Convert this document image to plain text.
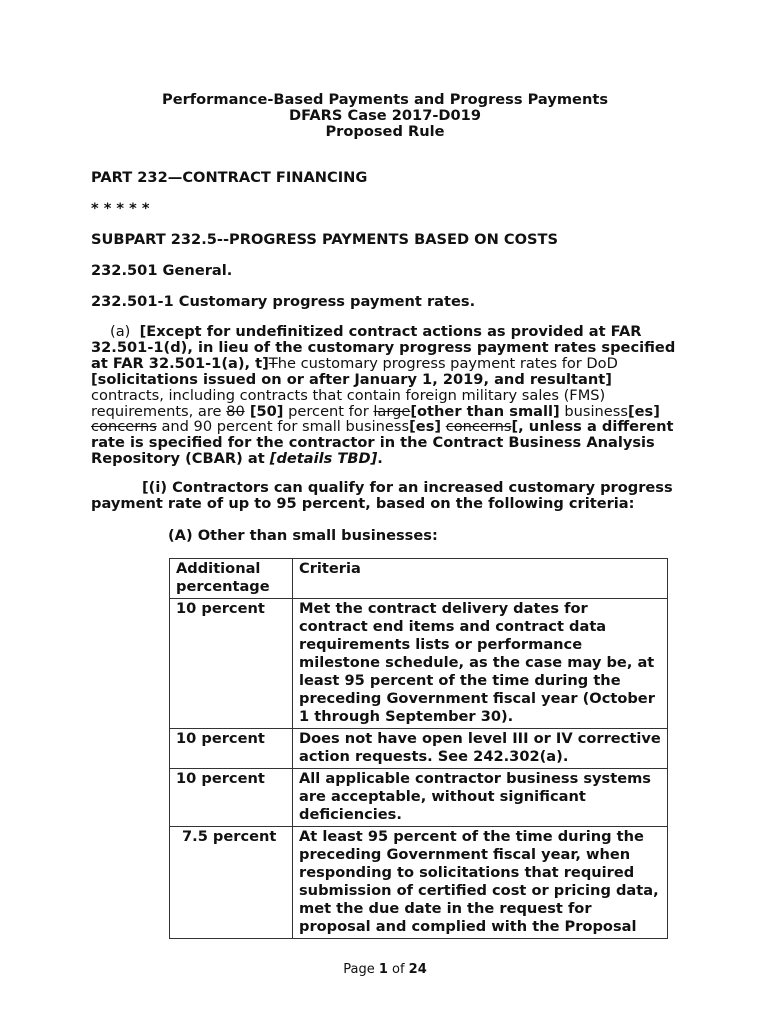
Performance-Based Payments and Progress Payments
DFARS Case 2017-D019
Proposed Rule
PART 232—CONTRACT FINANCING
* * * * *
SUBPART 232.5--PROGRESS PAYMENTS BASED ON COSTS
232.501 General.
232.501-1 Customary progress payment rates.
(a) [Except for undefinitized contract actions as provided at FAR 32.501-1(d), in lieu of the customary progress payment rates specified at FAR 32.501-1(a), t]The customary progress payment rates for DoD [solicitations issued on or after January 1, 2019, and resultant] contracts, including contracts that contain foreign military sales (FMS) requirements, are 80 [50] percent for large[other than small] business[es] concerns and 90 percent for small business[es] concerns[, unless a different rate is specified for the contractor in the Contract Business Analysis Repository (CBAR) at [details TBD].
[(i) Contractors can qualify for an increased customary progress payment rate of up to 95 percent, based on the following criteria:
(A) Other than small businesses:
Additional percentage	Criteria
10 percent	Met the contract delivery dates for contract end items and contract data requirements lists or performance milestone schedule, as the case may be, at least 95 percent of the time during the preceding Government fiscal year (October 1 through September 30).
10 percent	Does not have open level III or IV corrective action requests. See 242.302(a).
10 percent	All applicable contractor business systems are acceptable, without significant deficiencies.
7.5 percent	At least 95 percent of the time during the preceding Government fiscal year, when responding to solicitations that required submission of certified cost or pricing data, met the due date in the request for proposal and complied with the Proposal
Page 1 of 24
